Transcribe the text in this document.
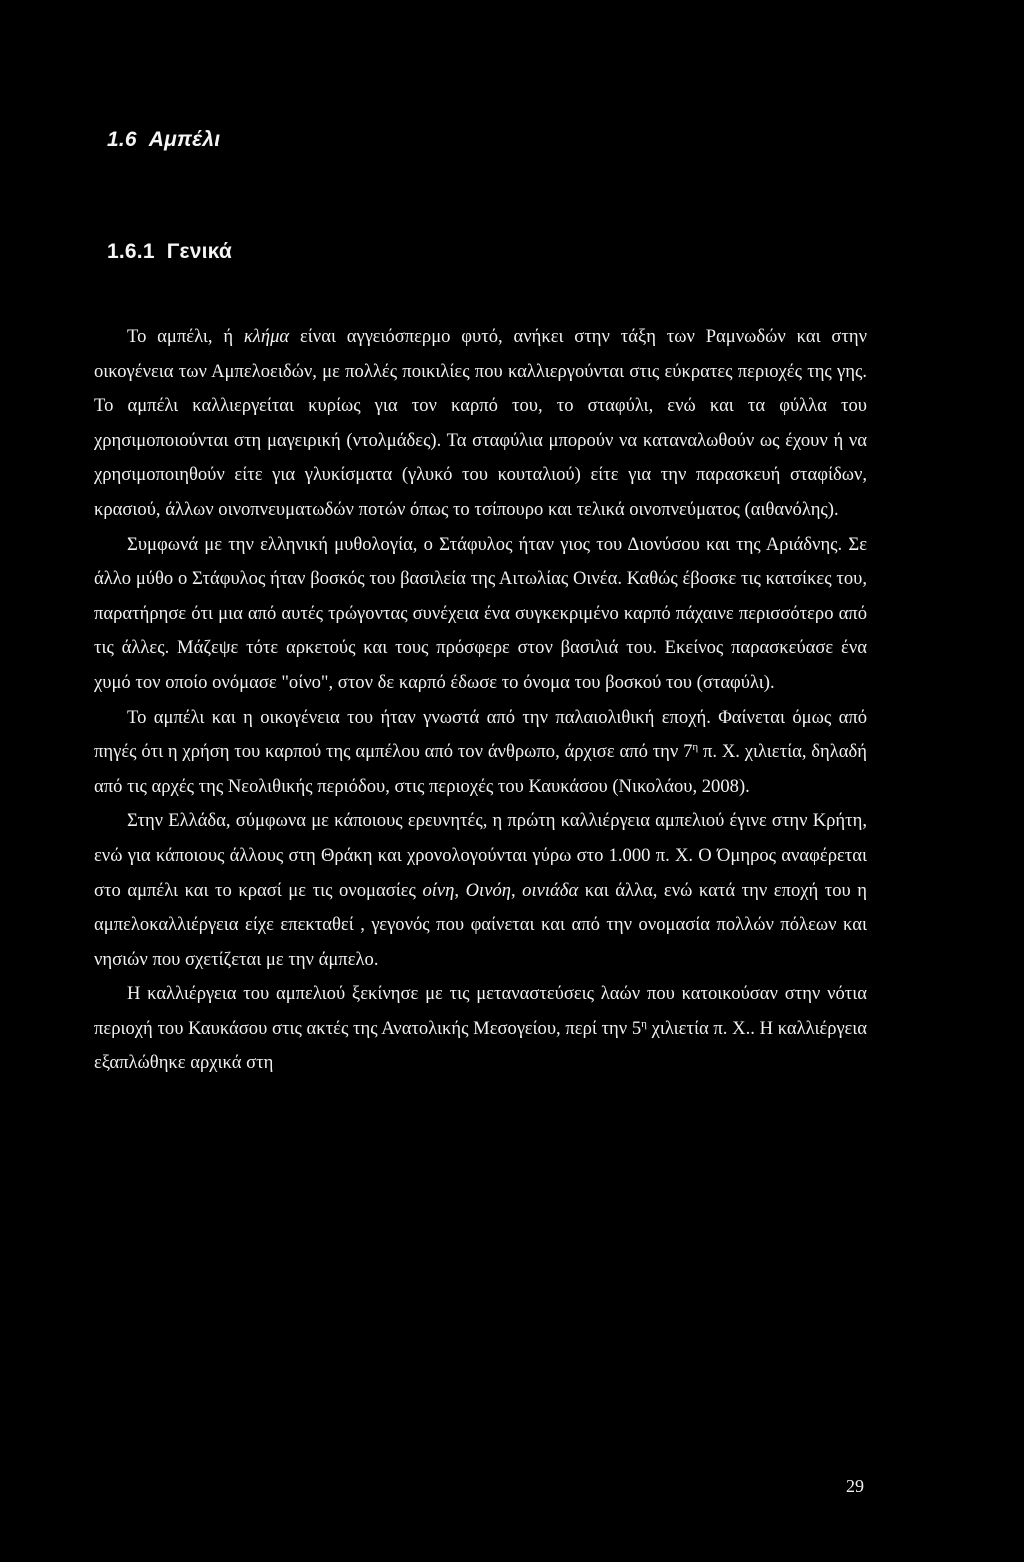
1.6 Αμπέλι
1.6.1 Γενικά

Το αμπέλι, ή κλήμα είναι αγγειόσπερμο φυτό, ανήκει στην τάξη των Ραμνωδών και στην οικογένεια των Αμπελοειδών, με πολλές ποικιλίες που καλλιεργούνται στις εύκρατες περιοχές της γης. Το αμπέλι καλλιεργείται κυρίως για τον καρπό του, το σταφύλι, ενώ και τα φύλλα του χρησιμοποιούνται στη μαγειρική (ντολμάδες). Τα σταφύλια μπορούν να καταναλωθούν ως έχουν ή να χρησιμοποιηθούν είτε για γλυκίσματα (γλυκό του κουταλιού) είτε για την παρασκευή σταφίδων, κρασιού, άλλων οινοπνευματωδών ποτών όπως το τσίπουρο και τελικά οινοπνεύματος (αιθανόλης).

Συμφωνά με την ελληνική μυθολογία, ο Στάφυλος ήταν γιος του Διονύσου και της Αριάδνης. Σε άλλο μύθο ο Στάφυλος ήταν βοσκός του βασιλεία της Αιτωλίας Οινέα. Καθώς έβοσκε τις κατσίκες του, παρατήρησε ότι μια από αυτές τρώγοντας συνέχεια ένα συγκεκριμένο καρπό πάχαινε περισσότερο από τις άλλες. Μάζεψε τότε αρκετούς και τους πρόσφερε στον βασιλιά του. Εκείνος παρασκεύασε ένα χυμό τον οποίο ονόμασε "οίνο", στον δε καρπό έδωσε το όνομα του βοσκού του (σταφύλι).

Το αμπέλι και η οικογένεια του ήταν γνωστά από την παλαιολιθική εποχή. Φαίνεται όμως από πηγές ότι η χρήση του καρπού της αμπέλου από τον άνθρωπο, άρχισε από την $7^\eta$ π. Χ. χιλιετία, δηλαδή από τις αρχές της Νεολιθικής περιόδου, στις περιοχές του Καυκάσου (Νικολάου, 2008).

Στην Ελλάδα, σύμφωνα με κάποιους ερευνητές, η πρώτη καλλιέργεια αμπελιού έγινε στην Κρήτη, ενώ για κάποιους άλλους στη Θράκη και χρονολογούνται γύρω στο 1.000 π. Χ. Ο Όμηρος αναφέρεται στο αμπέλι και το κρασί με τις ονομασίες οίνη, Οινόη, οινιάδα και άλλα, ενώ κατά την εποχή του η αμπελοκαλλιέργεια είχε επεκταθεί , γεγονός που φαίνεται και από την ονομασία πολλών πόλεων και νησιών που σχετίζεται με την άμπελο.

Η καλλιέργεια του αμπελιού ξεκίνησε με τις μεταναστεύσεις λαών που κατοικούσαν στην νότια περιοχή του Καυκάσου στις ακτές της Ανατολικής Μεσογείου, περί την $5^\eta$ χιλιετία π. Χ.. Η καλλιέργεια εξαπλώθηκε αρχικά στη

29
